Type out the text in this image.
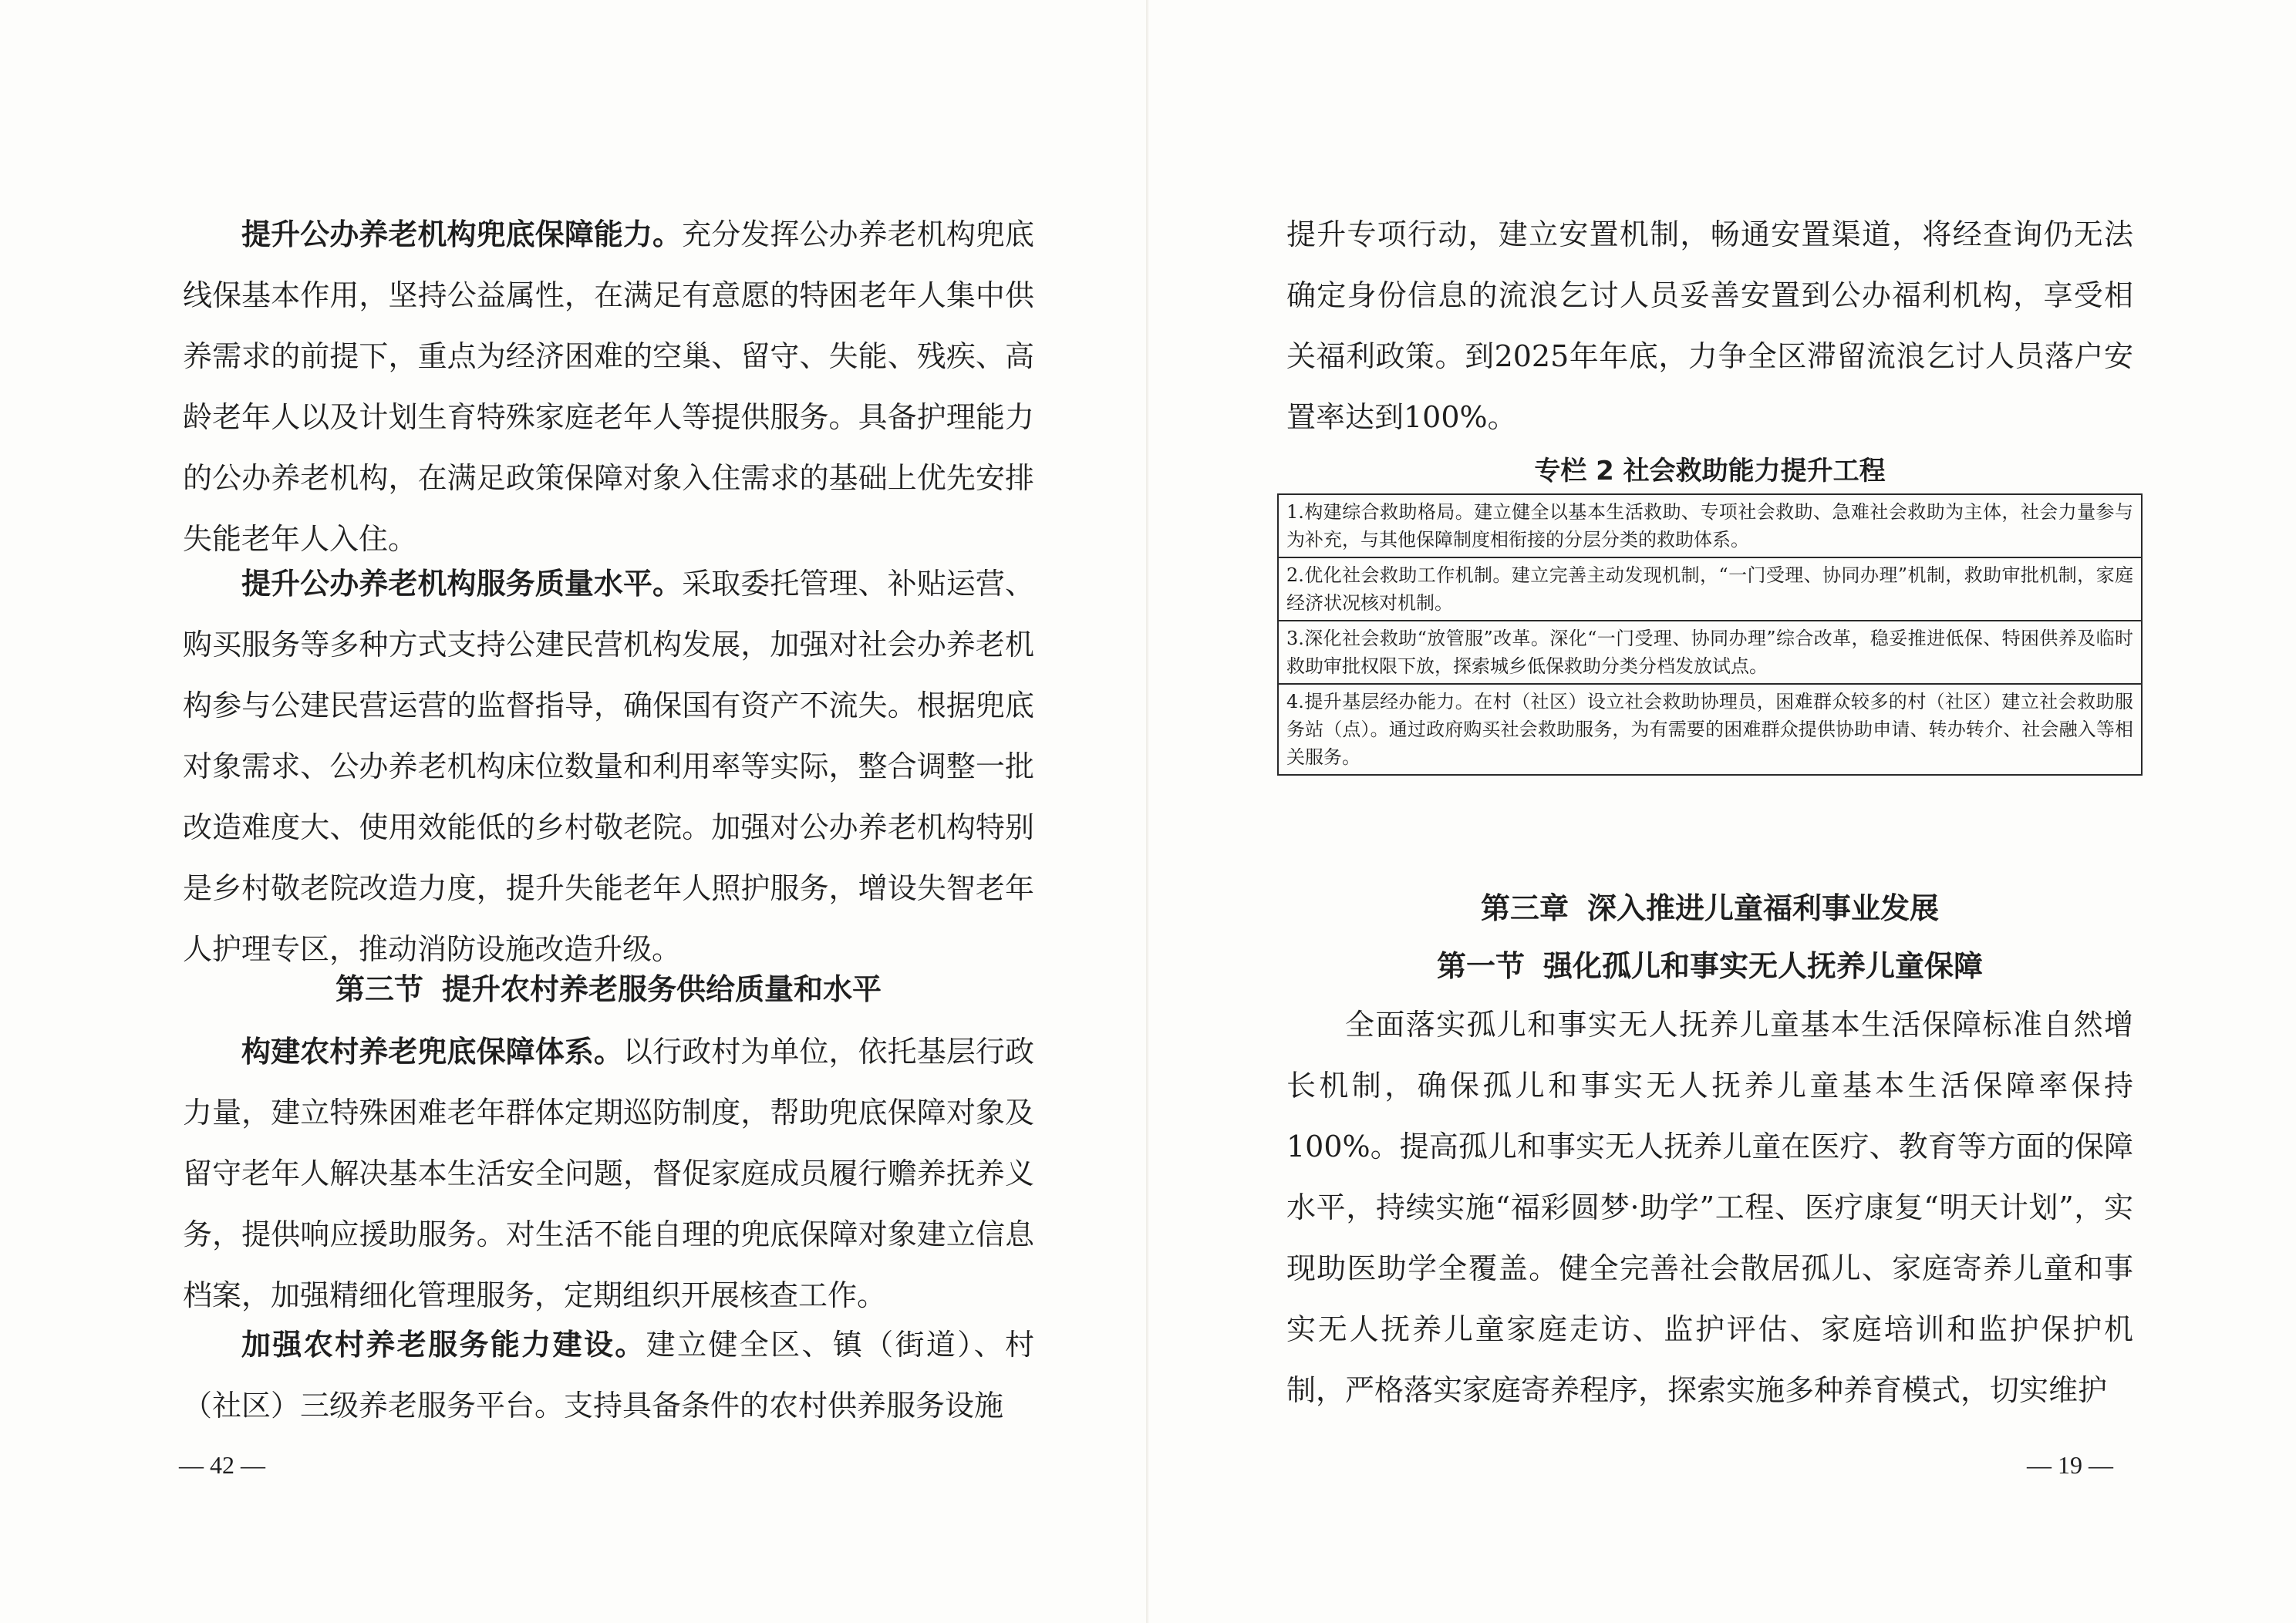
提升公办养老机构兜底保障能力。充分发挥公办养老机构兜底线保基本作用，坚持公益属性，在满足有意愿的特困老年人集中供养需求的前提下，重点为经济困难的空巢、留守、失能、残疾、高龄老年人以及计划生育特殊家庭老年人等提供服务。具备护理能力的公办养老机构，在满足政策保障对象入住需求的基础上优先安排失能老年人入住。

提升公办养老机构服务质量水平。采取委托管理、补贴运营、购买服务等多种方式支持公建民营机构发展，加强对社会办养老机构参与公建民营运营的监督指导，确保国有资产不流失。根据兜底对象需求、公办养老机构床位数量和利用率等实际，整合调整一批改造难度大、使用效能低的乡村敬老院。加强对公办养老机构特别是乡村敬老院改造力度，提升失能老年人照护服务，增设失智老年人护理专区，推动消防设施改造升级。

第三节 提升农村养老服务供给质量和水平

构建农村养老兜底保障体系。以行政村为单位，依托基层行政力量，建立特殊困难老年群体定期巡防制度，帮助兜底保障对象及留守老年人解决基本生活安全问题，督促家庭成员履行赡养抚养义务，提供响应援助服务。对生活不能自理的兜底保障对象建立信息档案，加强精细化管理服务，定期组织开展核查工作。

加强农村养老服务能力建设。建立健全区、镇（街道）、村（社区）三级养老服务平台。支持具备条件的农村供养服务设施

— 42 —

提升专项行动，建立安置机制，畅通安置渠道，将经查询仍无法确定身份信息的流浪乞讨人员妥善安置到公办福利机构，享受相关福利政策。到2025年年底，力争全区滞留流浪乞讨人员落户安置率达到100%。

专栏 2 社会救助能力提升工程
1.构建综合救助格局。建立健全以基本生活救助、专项社会救助、急难社会救助为主体，社会力量参与为补充，与其他保障制度相衔接的分层分类的救助体系。
2.优化社会救助工作机制。建立完善主动发现机制，“一门受理、协同办理”机制，救助审批机制，家庭经济状况核对机制。
3.深化社会救助“放管服”改革。深化“一门受理、协同办理”综合改革，稳妥推进低保、特困供养及临时救助审批权限下放，探索城乡低保救助分类分档发放试点。
4.提升基层经办能力。在村（社区）设立社会救助协理员，困难群众较多的村（社区）建立社会救助服务站（点）。通过政府购买社会救助服务，为有需要的困难群众提供协助申请、转办转介、社会融入等相关服务。
第三章 深入推进儿童福利事业发展
第一节 强化孤儿和事实无人抚养儿童保障

全面落实孤儿和事实无人抚养儿童基本生活保障标准自然增长机制，确保孤儿和事实无人抚养儿童基本生活保障率保持100%。提高孤儿和事实无人抚养儿童在医疗、教育等方面的保障水平，持续实施“福彩圆梦·助学”工程、医疗康复“明天计划”，实现助医助学全覆盖。健全完善社会散居孤儿、家庭寄养儿童和事实无人抚养儿童家庭走访、监护评估、家庭培训和监护保护机制，严格落实家庭寄养程序，探索实施多种养育模式，切实维护

— 19 —
